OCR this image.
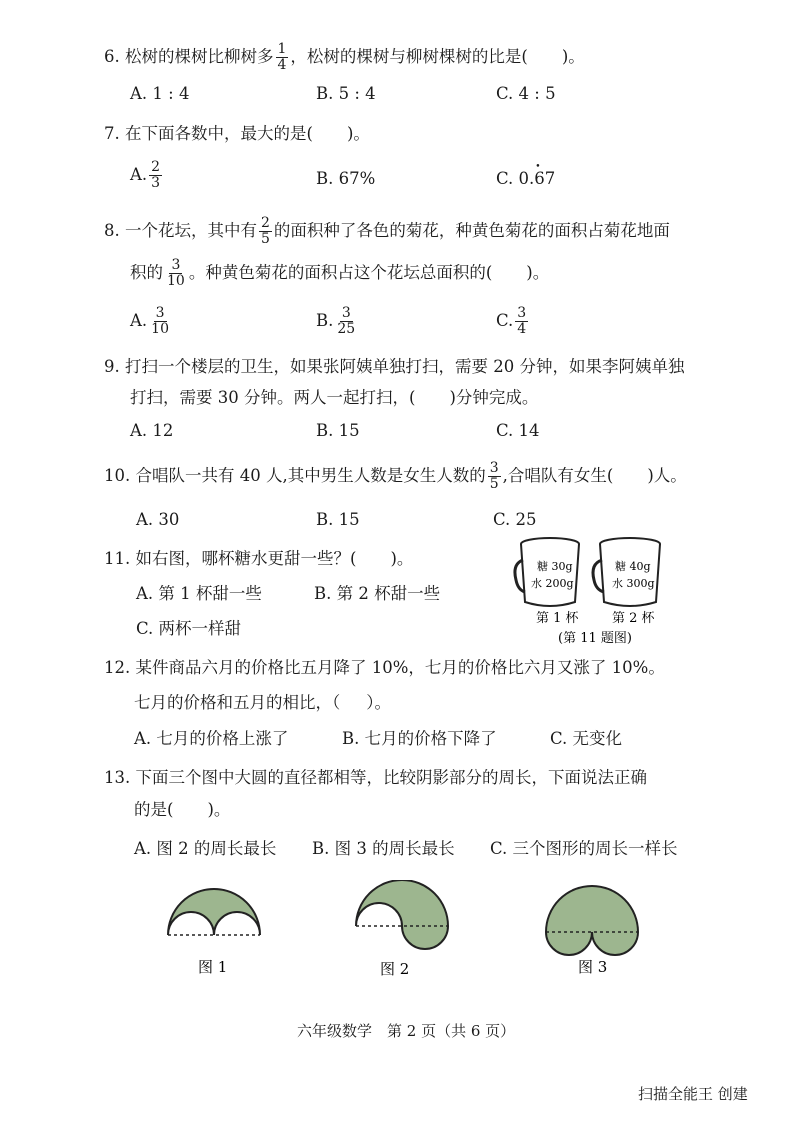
6. 松树的棵树比柳树多 $\frac{1}{4}$ ，松树的棵树与柳树棵树的比是( )。
A. 1 : 4	B. 5 : 4	C. 4 : 5
7. 在下面各数中，最大的是( )。
A. $\frac{2}{3}$	B. 67%	C. 0.• 67
8. 一个花坛，其中有 $\frac{2}{5}$ 的面积种了各色的菊花，种黄色菊花的面积占菊花地面
积的 $\frac{3}{10}$ 。种黄色菊花的面积占这个花坛总面积的( )。
A. $\frac{3}{10}$	B. $\frac{3}{25}$	C. $\frac{3}{4}$
9. 打扫一个楼层的卫生，如果张阿姨单独打扫，需要 20 分钟，如果李阿姨单独
打扫，需要 30 分钟。两人一起打扫，( )分钟完成。
A. 12	B. 15	C. 14
10. 合唱队一共有 40 人,其中男生人数是女生人数的 $\frac{3}{5}$ ,合唱队有女生( )人。
A. 30	B. 15	C. 25
11. 如右图，哪杯糖水更甜一些？( )。
A. 第 1 杯甜一些	B. 第 2 杯甜一些
C. 两杯一样甜
糖 30g
水 200g
糖 40g
水 300g
第 1 杯	第 2 杯
(第 11 题图)
12. 某件商品六月的价格比五月降了 10%，七月的价格比六月又涨了 10%。
七月的价格和五月的相比，（ ）。
A. 七月的价格上涨了	B. 七月的价格下降了	C. 无变化
13. 下面三个图中大圆的直径都相等，比较阴影部分的周长，下面说法正确
的是( )。
A. 图 2 的周长最长 B. 图 3 的周长最长 C. 三个图形的周长一样长
图 1	图 2	图 3
六年级数学　第 2 页（共 6 页）
扫描全能王 创建
